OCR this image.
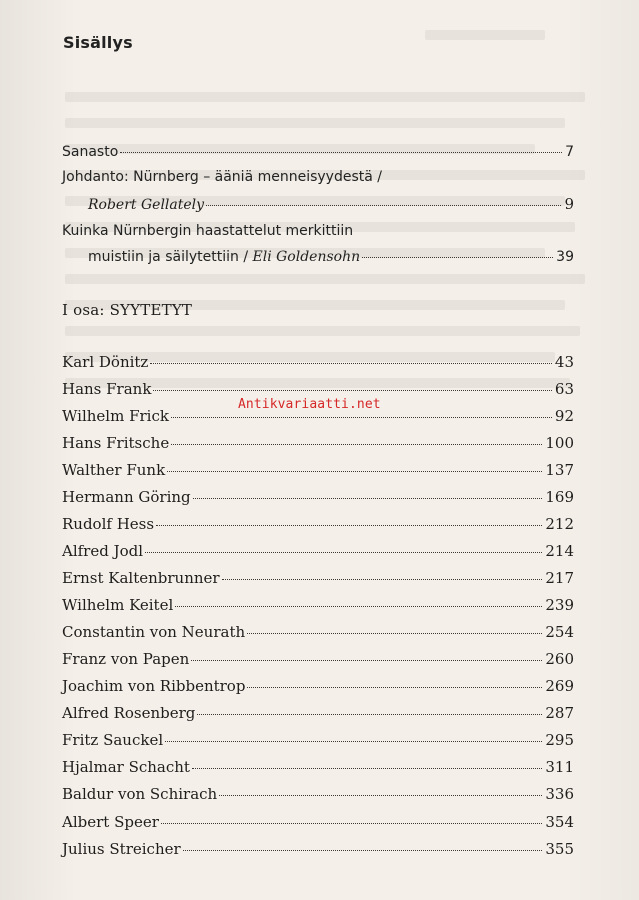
Sisällys
Sanasto	7
Johdanto: Nürnberg – ääniä menneisyydestä /
Robert Gellately	9
Kuinka Nürnbergin haastattelut merkittiin
muistiin ja säilytettiin / Eli Goldensohn	39
I osa: SYYTETYT
Karl Dönitz	43
Hans Frank	63
Wilhelm Frick	92
Hans Fritsche	100
Walther Funk	137
Hermann Göring	169
Rudolf Hess	212
Alfred Jodl	214
Ernst Kaltenbrunner	217
Wilhelm Keitel	239
Constantin von Neurath	254
Franz von Papen	260
Joachim von Ribbentrop	269
Alfred Rosenberg	287
Fritz Sauckel	295
Hjalmar Schacht	311
Baldur von Schirach	336
Albert Speer	354
Julius Streicher	355
Antikvariaatti.net
